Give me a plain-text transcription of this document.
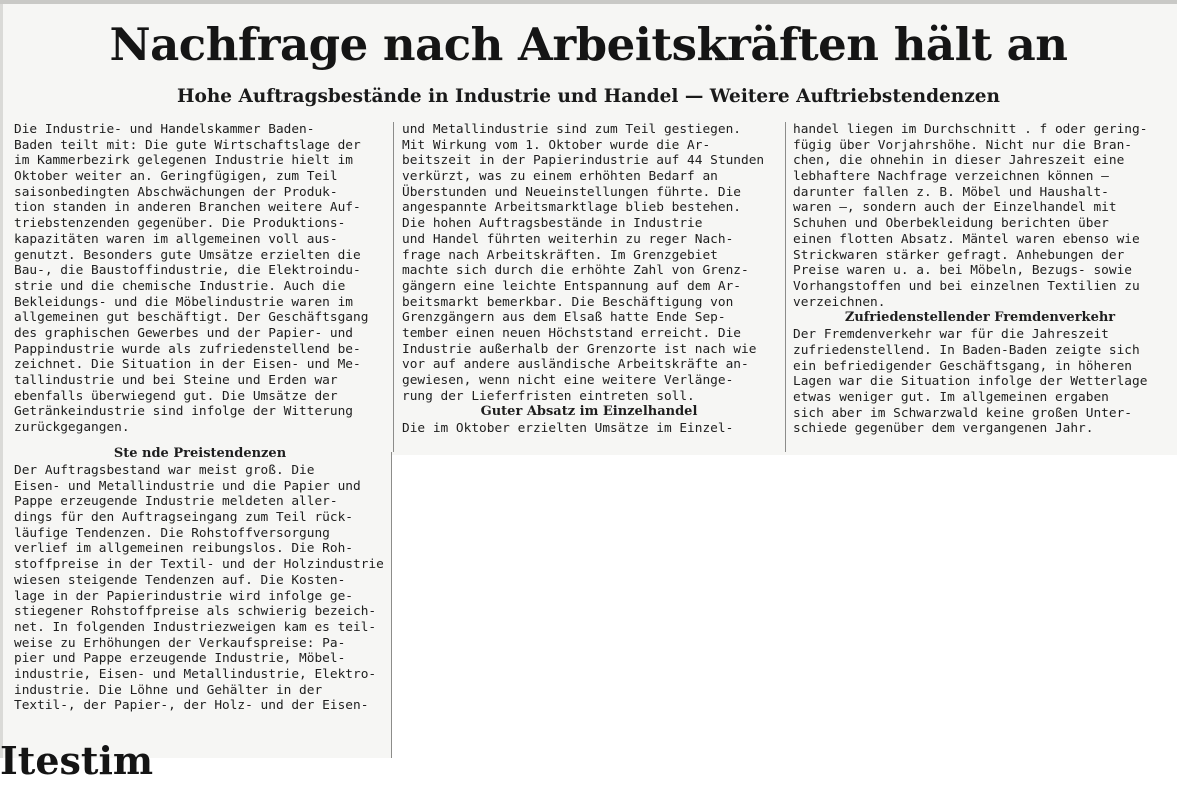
Nachfrage nach Arbeitskräften hält an
Hohe Auftragsbestände in Industrie und Handel — Weitere Auftriebstendenzen
Die Industrie- und Handelskammer Baden-
Baden teilt mit: Die gute Wirtschaftslage der
im Kammerbezirk gelegenen Industrie hielt im
Oktober weiter an. Geringfügigen, zum Teil
saisonbedingten Abschwächungen der Produk-
tion standen in anderen Branchen weitere Auf-
triebstenzenden gegenüber. Die Produktions-
kapazitäten waren im allgemeinen voll aus-
genutzt. Besonders gute Umsätze erzielten die
Bau-, die Baustoffindustrie, die Elektroindu-
strie und die chemische Industrie. Auch die
Bekleidungs- und die Möbelindustrie waren im
allgemeinen gut beschäftigt. Der Geschäftsgang
des graphischen Gewerbes und der Papier- und
Pappindustrie wurde als zufriedenstellend be-
zeichnet. Die Situation in der Eisen- und Me-
tallindustrie und bei Steine und Erden war
ebenfalls überwiegend gut. Die Umsätze der
Getränkeindustrie sind infolge der Witterung
zurückgegangen.
Ste nde Preistendenzen
Der Auftragsbestand war meist groß. Die
Eisen- und Metallindustrie und die Papier und
Pappe erzeugende Industrie meldeten aller-
dings für den Auftragseingang zum Teil rück-
läufige Tendenzen. Die Rohstoffversorgung
verlief im allgemeinen reibungslos. Die Roh-
stoffpreise in der Textil- und der Holzindustrie
wiesen steigende Tendenzen auf. Die Kosten-
lage in der Papierindustrie wird infolge ge-
stiegener Rohstoffpreise als schwierig bezeich-
net. In folgenden Industriezweigen kam es teil-
weise zu Erhöhungen der Verkaufspreise: Pa-
pier und Pappe erzeugende Industrie, Möbel-
industrie, Eisen- und Metallindustrie, Elektro-
industrie. Die Löhne und Gehälter in der
Textil-, der Papier-, der Holz- und der Eisen-
und Metallindustrie sind zum Teil gestiegen.
Mit Wirkung vom 1. Oktober wurde die Ar-
beitszeit in der Papierindustrie auf 44 Stunden
verkürzt, was zu einem erhöhten Bedarf an
Überstunden und Neueinstellungen führte. Die
angespannte Arbeitsmarktlage blieb bestehen.
Die hohen Auftragsbestände in Industrie
und Handel führten weiterhin zu reger Nach-
frage nach Arbeitskräften. Im Grenzgebiet
machte sich durch die erhöhte Zahl von Grenz-
gängern eine leichte Entspannung auf dem Ar-
beitsmarkt bemerkbar. Die Beschäftigung von
Grenzgängern aus dem Elsaß hatte Ende Sep-
tember einen neuen Höchststand erreicht. Die
Industrie außerhalb der Grenzorte ist nach wie
vor auf andere ausländische Arbeitskräfte an-
gewiesen, wenn nicht eine weitere Verlänge-
rung der Lieferfristen eintreten soll.
Guter Absatz im Einzelhandel
Die im Oktober erzielten Umsätze im Einzel-
handel liegen im Durchschnitt . f oder gering-
fügig über Vorjahrshöhe. Nicht nur die Bran-
chen, die ohnehin in dieser Jahreszeit eine
lebhaftere Nachfrage verzeichnen können —
darunter fallen z. B. Möbel und Haushalt-
waren —, sondern auch der Einzelhandel mit
Schuhen und Oberbekleidung berichten über
einen flotten Absatz. Mäntel waren ebenso wie
Strickwaren stärker gefragt. Anhebungen der
Preise waren u. a. bei Möbeln, Bezugs- sowie
Vorhangstoffen und bei einzelnen Textilien zu
verzeichnen.
Zufriedenstellender Fremdenverkehr
Der Fremdenverkehr war für die Jahreszeit
zufriedenstellend. In Baden-Baden zeigte sich
ein befriedigender Geschäftsgang, in höheren
Lagen war die Situation infolge der Wetterlage
etwas weniger gut. Im allgemeinen ergaben
sich aber im Schwarzwald keine großen Unter-
schiede gegenüber dem vergangenen Jahr.
Itestim
